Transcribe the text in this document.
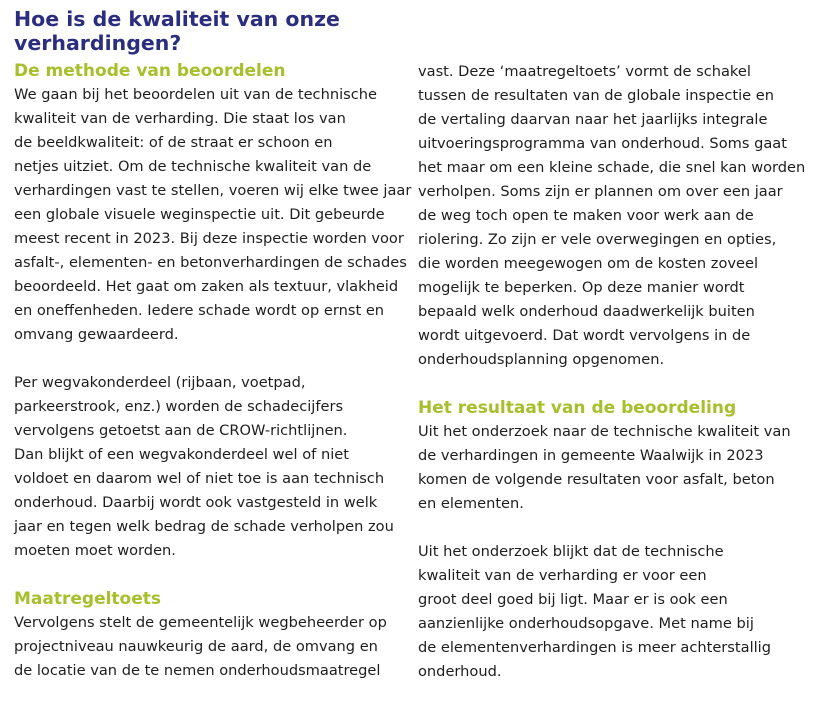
Hoe is de kwaliteit van onze verhardingen?
De methode van beoordelen
We gaan bij het beoordelen uit van de technische
kwaliteit van de verharding. Die staat los van
de beeldkwaliteit: of de straat er schoon en
netjes uitziet. Om de technische kwaliteit van de
verhardingen vast te stellen, voeren wij elke twee jaar
een globale visuele weginspectie uit. Dit gebeurde
meest recent in 2023. Bij deze inspectie worden voor
asfalt-, elementen- en betonverhardingen de schades
beoordeeld. Het gaat om zaken als textuur, vlakheid
en oneffenheden. Iedere schade wordt op ernst en
omvang gewaardeerd.
Per wegvakonderdeel (rijbaan, voetpad,
parkeerstrook, enz.) worden de schadecijfers
vervolgens getoetst aan de CROW-richtlijnen.
Dan blijkt of een wegvakonderdeel wel of niet
voldoet en daarom wel of niet toe is aan technisch
onderhoud. Daarbij wordt ook vastgesteld in welk
jaar en tegen welk bedrag de schade verholpen zou
moeten moet worden.
Maatregeltoets
Vervolgens stelt de gemeentelijk wegbeheerder op
projectniveau nauwkeurig de aard, de omvang en
de locatie van de te nemen onderhoudsmaatregel
vast. Deze ‘maatregeltoets’ vormt de schakel
tussen de resultaten van de globale inspectie en
de vertaling daarvan naar het jaarlijks integrale
uitvoeringsprogramma van onderhoud. Soms gaat
het maar om een kleine schade, die snel kan worden
verholpen. Soms zijn er plannen om over een jaar
de weg toch open te maken voor werk aan de
riolering. Zo zijn er vele overwegingen en opties,
die worden meegewogen om de kosten zoveel
mogelijk te beperken. Op deze manier wordt
bepaald welk onderhoud daadwerkelijk buiten
wordt uitgevoerd. Dat wordt vervolgens in de
onderhoudsplanning opgenomen.
Het resultaat van de beoordeling
Uit het onderzoek naar de technische kwaliteit van
de verhardingen in gemeente Waalwijk in 2023
komen de volgende resultaten voor asfalt, beton
en elementen.
Uit het onderzoek blijkt dat de technische
kwaliteit van de verharding er voor een
groot deel goed bij ligt. Maar er is ook een
aanzienlijke onderhoudsopgave. Met name bij
de elementenverhardingen is meer achterstallig
onderhoud.
